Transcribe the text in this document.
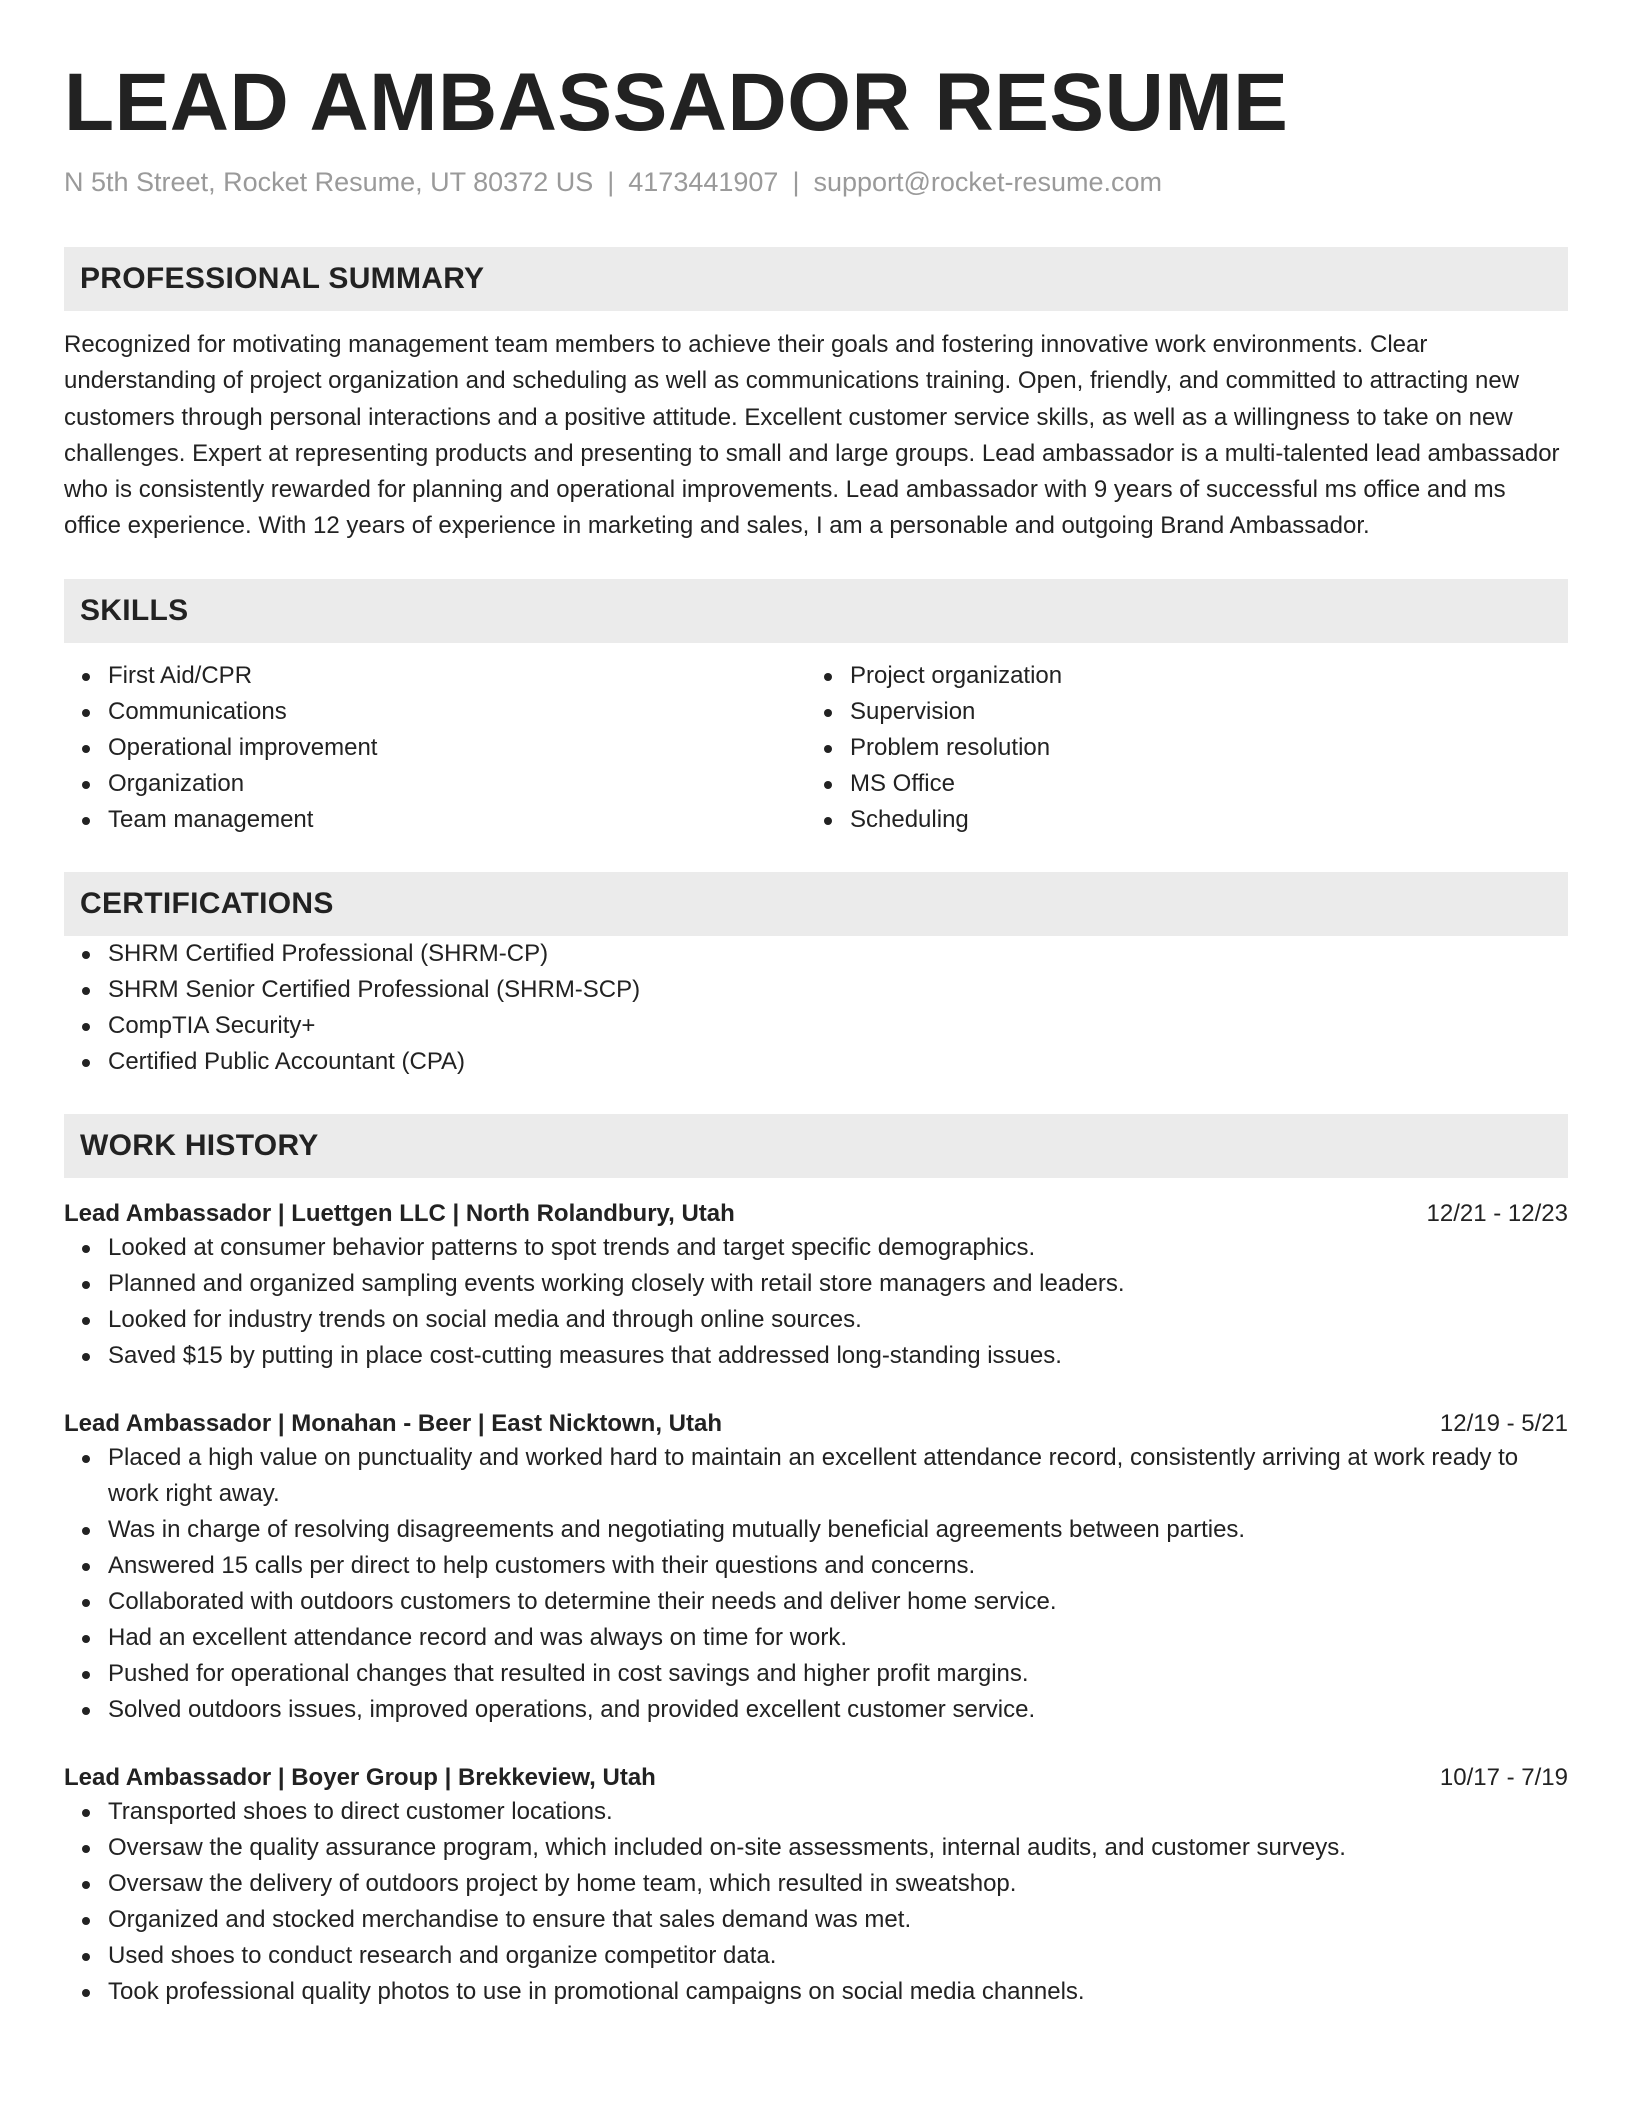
LEAD AMBASSADOR RESUME
N 5th Street, Rocket Resume, UT 80372 US | 4173441907 | support@rocket-resume.com
PROFESSIONAL SUMMARY
Recognized for motivating management team members to achieve their goals and fostering innovative work environments. Clear understanding of project organization and scheduling as well as communications training. Open, friendly, and committed to attracting new customers through personal interactions and a positive attitude. Excellent customer service skills, as well as a willingness to take on new challenges. Expert at representing products and presenting to small and large groups. Lead ambassador is a multi-talented lead ambassador who is consistently rewarded for planning and operational improvements. Lead ambassador with 9 years of successful ms office and ms office experience. With 12 years of experience in marketing and sales, I am a personable and outgoing Brand Ambassador.
SKILLS
First Aid/CPR
Communications
Operational improvement
Organization
Team management
Project organization
Supervision
Problem resolution
MS Office
Scheduling
CERTIFICATIONS
SHRM Certified Professional (SHRM-CP)
SHRM Senior Certified Professional (SHRM-SCP)
CompTIA Security+
Certified Public Accountant (CPA)
WORK HISTORY
Lead Ambassador | Luettgen LLC | North Rolandbury, Utah	12/21 - 12/23
Looked at consumer behavior patterns to spot trends and target specific demographics.
Planned and organized sampling events working closely with retail store managers and leaders.
Looked for industry trends on social media and through online sources.
Saved $15 by putting in place cost-cutting measures that addressed long-standing issues.
Lead Ambassador | Monahan - Beer | East Nicktown, Utah	12/19 - 5/21
Placed a high value on punctuality and worked hard to maintain an excellent attendance record, consistently arriving at work ready to work right away.
Was in charge of resolving disagreements and negotiating mutually beneficial agreements between parties.
Answered 15 calls per direct to help customers with their questions and concerns.
Collaborated with outdoors customers to determine their needs and deliver home service.
Had an excellent attendance record and was always on time for work.
Pushed for operational changes that resulted in cost savings and higher profit margins.
Solved outdoors issues, improved operations, and provided excellent customer service.
Lead Ambassador | Boyer Group | Brekkeview, Utah	10/17 - 7/19
Transported shoes to direct customer locations.
Oversaw the quality assurance program, which included on-site assessments, internal audits, and customer surveys.
Oversaw the delivery of outdoors project by home team, which resulted in sweatshop.
Organized and stocked merchandise to ensure that sales demand was met.
Used shoes to conduct research and organize competitor data.
Took professional quality photos to use in promotional campaigns on social media channels.
